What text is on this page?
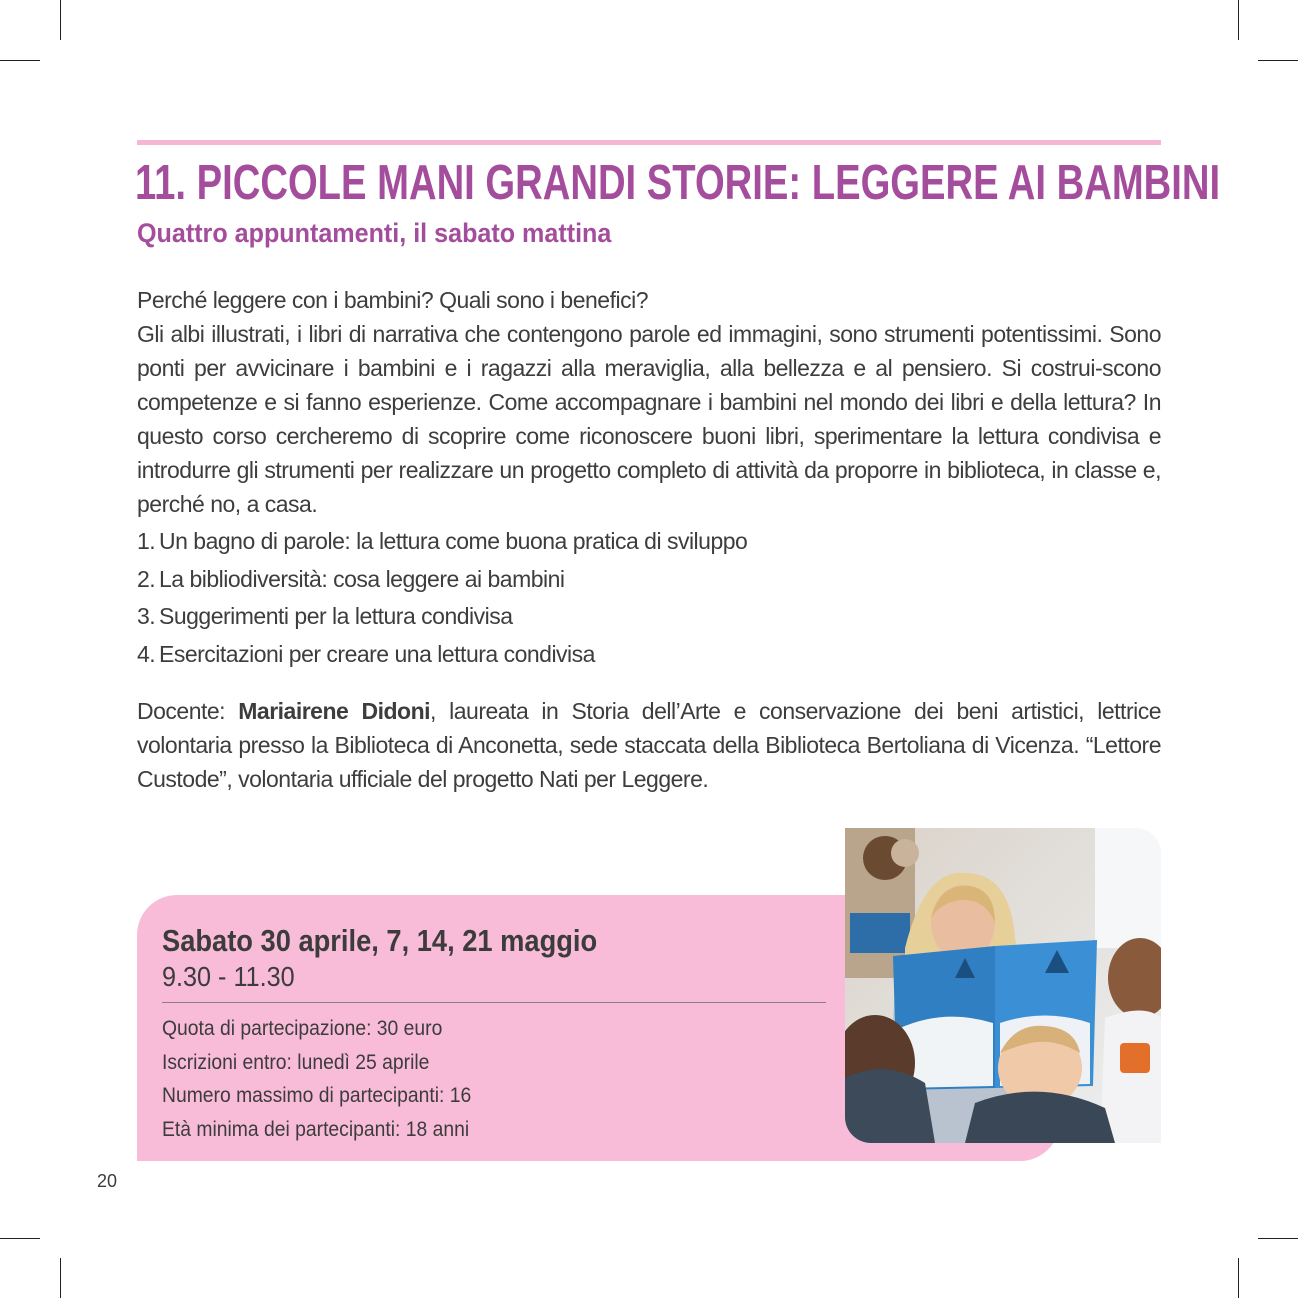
11. PICCOLE MANI GRANDI STORIE: LEGGERE AI BAMBINI
Quattro appuntamenti, il sabato mattina
Perché leggere con i bambini? Quali sono i benefici?

Gli albi illustrati, i libri di narrativa che contengono parole ed immagini, sono strumenti potentissimi. Sono ponti per avvicinare i bambini e i ragazzi alla meraviglia, alla bellezza e al pensiero. Si costrui-scono competenze e si fanno esperienze. Come accompagnare i bambini nel mondo dei libri e della lettura? In questo corso cercheremo di scoprire come riconoscere buoni libri, sperimentare la lettura condivisa e introdurre gli strumenti per realizzare un progetto completo di attività da proporre in biblioteca, in classe e, perché no, a casa.

1. Un bagno di parole: la lettura come buona pratica di sviluppo
2. La bibliodiversità: cosa leggere ai bambini
3. Suggerimenti per la lettura condivisa
4. Esercitazioni per creare una lettura condivisa

Docente: Mariairene Didoni, laureata in Storia dell’Arte e conservazione dei beni artistici, lettrice volontaria presso la Biblioteca di Anconetta, sede staccata della Biblioteca Bertoliana di Vicenza. “Lettore Custode”, volontaria ufficiale del progetto Nati per Leggere.

Sabato 30 aprile, 7, 14, 21 maggio
9.30 - 11.30
Quota di partecipazione: 30 euro
Iscrizioni entro: lunedì 25 aprile
Numero massimo di partecipanti: 16
Età minima dei partecipanti: 18 anni
20
